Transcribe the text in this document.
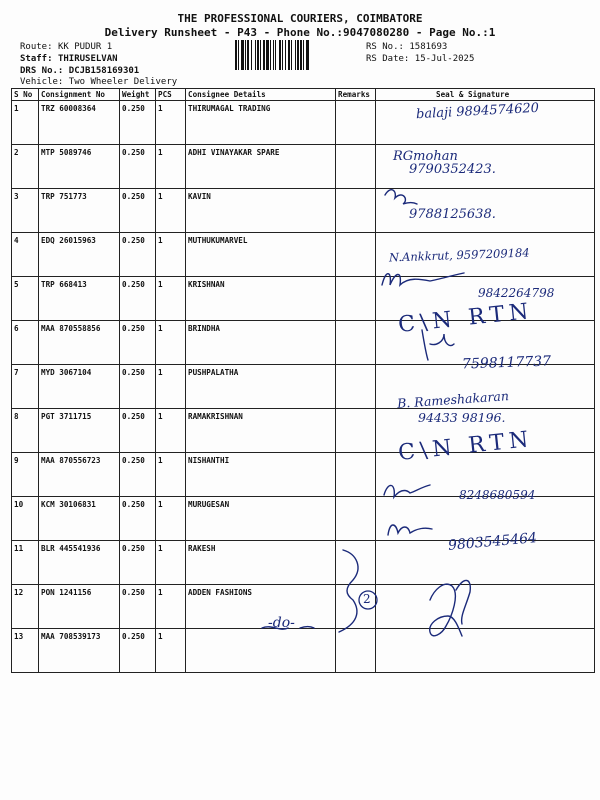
THE PROFESSIONAL COURIERS, COIMBATORE
Delivery Runsheet - P43 - Phone No.:9047080280 - Page No.:1
Route: KK PUDUR 1
Staff: THIRUSELVAN
DRS No.: DCJB158169301
Vehicle: Two Wheeler Delivery
RS No.: 1581693
RS Date: 15-Jul-2025
S No	Consignment No	Weight	PCS	Consignee Details	Remarks	Seal & Signature
1	TRZ 60008364	0.250	1	THIRUMAGAL TRADING		
2	MTP 5089746	0.250	1	ADHI VINAYAKAR SPARE		
3	TRP 751773	0.250	1	KAVIN		
4	EDQ 26015963	0.250	1	MUTHUKUMARVEL		
5	TRP 668413	0.250	1	KRISHNAN		
6	MAA 870558856	0.250	1	BRINDHA		
7	MYD 3067104	0.250	1	PUSHPALATHA		
8	PGT 3711715	0.250	1	RAMAKRISHNAN		
9	MAA 870556723	0.250	1	NISHANTHI		
10	KCM 30106831	0.250	1	MURUGESAN		
11	BLR 445541936	0.250	1	RAKESH		
12	PON 1241156	0.250	1	ADDEN FASHIONS		
13	MAA 708539173	0.250	1			
balaji 9894574620
RGmohan
9790352423.
9788125638.
N.Ankkrut, 9597209184
9842264798
C\N RTN
7598117737
B. Rameshakaran
94433 98196.
C\N RTN
8248680594
9803545464
-do-
2
